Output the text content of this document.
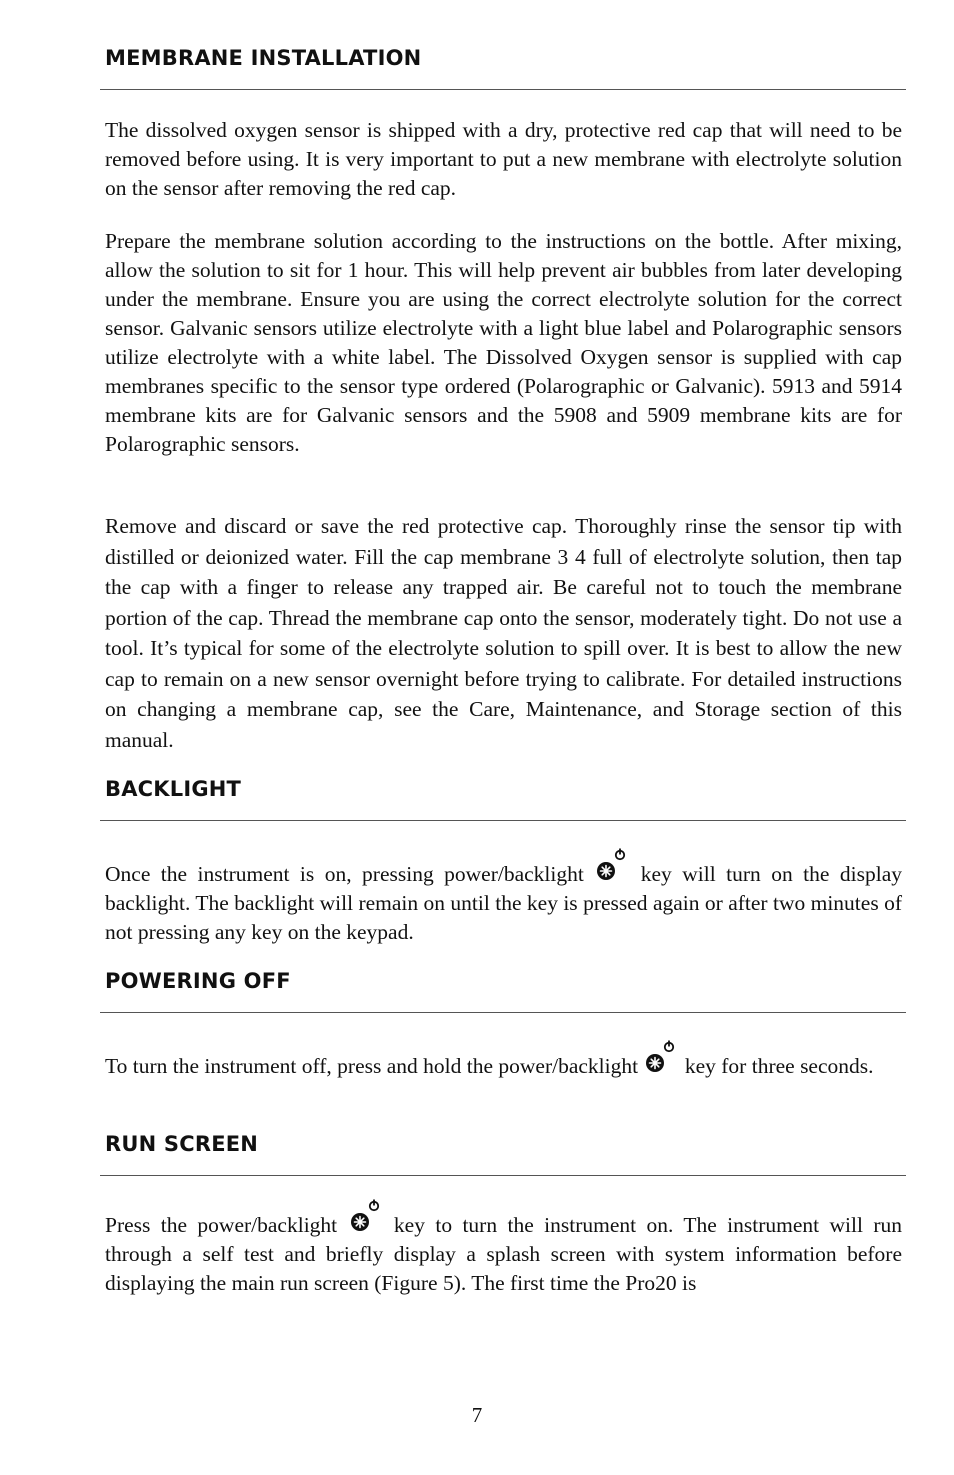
MEMBRANE INSTALLATION

The dissolved oxygen sensor is shipped with a dry, protective red cap that will need to be removed before using. It is very important to put a new membrane with electrolyte solution on the sensor after removing the red cap.

Prepare the membrane solution according to the instructions on the bottle. After mixing, allow the solution to sit for 1 hour. This will help prevent air bubbles from later developing under the membrane. Ensure you are using the correct electrolyte solution for the correct sensor. Galvanic sensors utilize electrolyte with a light blue label and Polarographic sensors utilize electrolyte with a white label. The Dissolved Oxygen sensor is supplied with cap membranes specific to the sensor type ordered (Polarographic or Galvanic). 5913 and 5914 membrane kits are for Galvanic sensors and the 5908 and 5909 membrane kits are for Polarographic sensors.

Remove and discard or save the red protective cap. Thoroughly rinse the sensor tip with distilled or deionized water. Fill the cap membrane 3 4 full of electrolyte solution, then tap the cap with a finger to release any trapped air. Be careful not to touch the membrane portion of the cap. Thread the membrane cap onto the sensor, moderately tight. Do not use a tool. It’s typical for some of the electrolyte solution to spill over. It is best to allow the new cap to remain on a new sensor overnight before trying to calibrate. For detailed instructions on changing a membrane cap, see the Care, Maintenance, and Storage section of this manual.

BACKLIGHT

Once the instrument is on, pressing power/backlight	key will turn on the display backlight. The backlight will remain on until the key is pressed again or after two minutes of not pressing any key on the keypad.

POWERING OFF

To turn the instrument off, press and hold the power/backlight key for three seconds.

RUN SCREEN

Press the power/backlight	key to turn the instrument on. The instrument will run through a self test and briefly display a splash screen with system information before displaying the main run screen (Figure 5). The first time the Pro20 is

7
